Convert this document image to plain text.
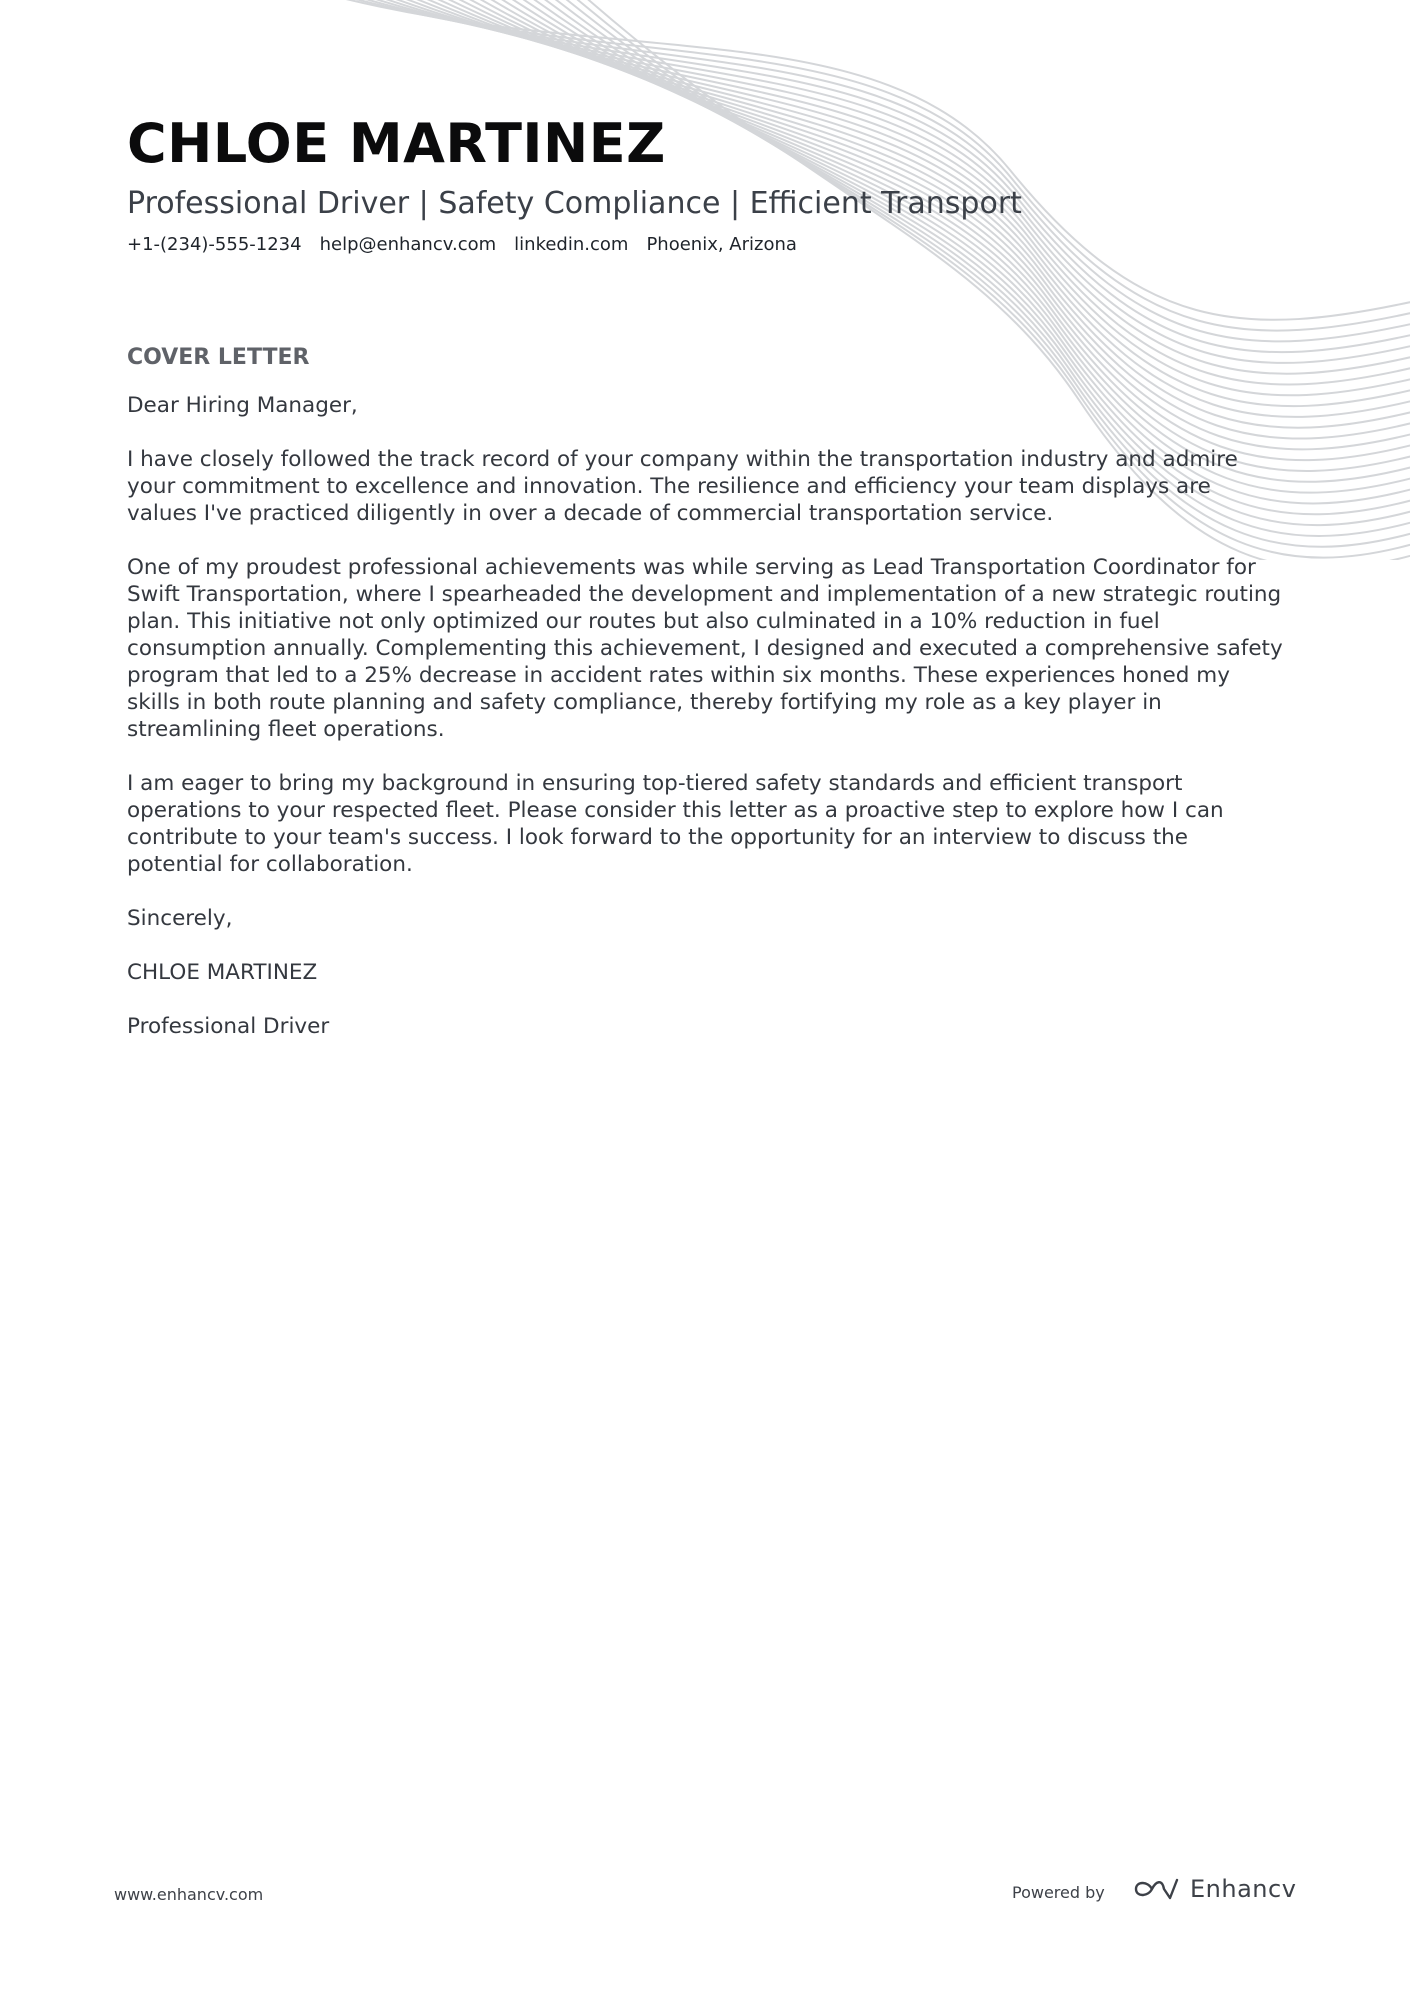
CHLOE MARTINEZ
Professional Driver | Safety Compliance | Efficient Transport
+1-(234)-555-1234 help@enhancv.com linkedin.com Phoenix, Arizona
COVER LETTER

Dear Hiring Manager,

I have closely followed the track record of your company within the transportation industry and admire your commitment to excellence and innovation. The resilience and efficiency your team displays are values I've practiced diligently in over a decade of commercial transportation service.

One of my proudest professional achievements was while serving as Lead Transportation Coordinator for Swift Transportation, where I spearheaded the development and implementation of a new strategic routing plan. This initiative not only optimized our routes but also culminated in a 10% reduction in fuel consumption annually. Complementing this achievement, I designed and executed a comprehensive safety program that led to a 25% decrease in accident rates within six months. These experiences honed my skills in both route planning and safety compliance, thereby fortifying my role as a key player in streamlining fleet operations.

I am eager to bring my background in ensuring top-tiered safety standards and efficient transport operations to your respected fleet. Please consider this letter as a proactive step to explore how I can contribute to your team's success. I look forward to the opportunity for an interview to discuss the potential for collaboration.

Sincerely,

CHLOE MARTINEZ

Professional Driver

www.enhancv.com	Powered by	Enhancv
